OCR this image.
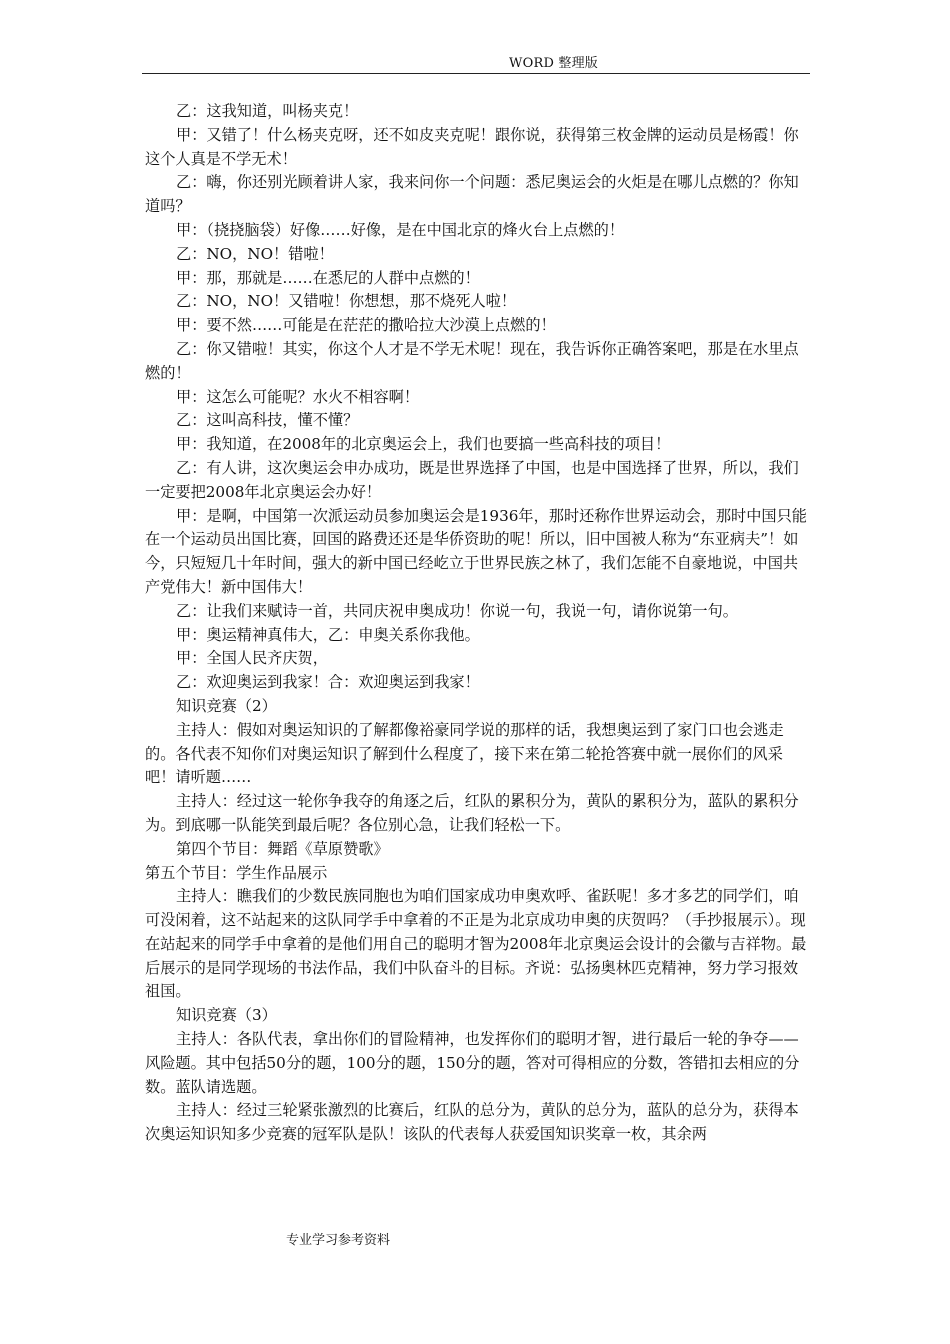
WORD 整理版

乙：这我知道，叫杨夹克！

甲：又错了！什么杨夹克呀，还不如皮夹克呢！跟你说，获得第三枚金牌的运动员是杨霞！你这个人真是不学无术！

乙：嗨，你还别光顾着讲人家，我来问你一个问题：悉尼奥运会的火炬是在哪儿点燃的？你知道吗？

甲：（挠挠脑袋）好像……好像，是在中国北京的烽火台上点燃的！

乙：NO，NO！错啦！

甲：那，那就是……在悉尼的人群中点燃的！

乙：NO，NO！又错啦！你想想，那不烧死人啦！

甲：要不然……可能是在茫茫的撒哈拉大沙漠上点燃的！

乙：你又错啦！其实，你这个人才是不学无术呢！现在，我告诉你正确答案吧，那是在水里点燃的！

甲：这怎么可能呢？水火不相容啊！

乙：这叫高科技，懂不懂？

甲：我知道，在2008年的北京奥运会上，我们也要搞一些高科技的项目！

乙：有人讲，这次奥运会申办成功，既是世界选择了中国，也是中国选择了世界，所以，我们一定要把2008年北京奥运会办好！

甲：是啊，中国第一次派运动员参加奥运会是1936年，那时还称作世界运动会，那时中国只能在一个运动员出国比赛，回国的路费还还是华侨资助的呢！所以，旧中国被人称为“东亚病夫”！如今，只短短几十年时间，强大的新中国已经屹立于世界民族之林了，我们怎能不自豪地说，中国共产党伟大！新中国伟大！

乙：让我们来赋诗一首，共同庆祝申奥成功！你说一句，我说一句，请你说第一句。

甲：奥运精神真伟大，乙：申奥关系你我他。

甲：全国人民齐庆贺，

乙：欢迎奥运到我家！合：欢迎奥运到我家！

知识竞赛（2）

主持人：假如对奥运知识的了解都像裕豪同学说的那样的话，我想奥运到了家门口也会逃走的。各代表不知你们对奥运知识了解到什么程度了，接下来在第二轮抢答赛中就一展你们的风采吧！请听题……

主持人：经过这一轮你争我夺的角逐之后，红队的累积分为，黄队的累积分为，蓝队的累积分为。到底哪一队能笑到最后呢？各位别心急，让我们轻松一下。

第四个节目：舞蹈《草原赞歌》

第五个节目：学生作品展示

主持人：瞧我们的少数民族同胞也为咱们国家成功申奥欢呼、雀跃呢！多才多艺的同学们，咱可没闲着，这不站起来的这队同学手中拿着的不正是为北京成功申奥的庆贺吗？（手抄报展示）。现在站起来的同学手中拿着的是他们用自己的聪明才智为2008年北京奥运会设计的会徽与吉祥物。最后展示的是同学现场的书法作品，我们中队奋斗的目标。齐说：弘扬奥林匹克精神，努力学习报效祖国。

知识竞赛（3）

主持人：各队代表，拿出你们的冒险精神，也发挥你们的聪明才智，进行最后一轮的争夺——风险题。其中包括50分的题，100分的题，150分的题，答对可得相应的分数，答错扣去相应的分数。蓝队请选题。

主持人：经过三轮紧张激烈的比赛后，红队的总分为，黄队的总分为，蓝队的总分为，获得本次奥运知识知多少竞赛的冠军队是队！该队的代表每人获爱国知识奖章一枚，其余两

专业学习参考资料
